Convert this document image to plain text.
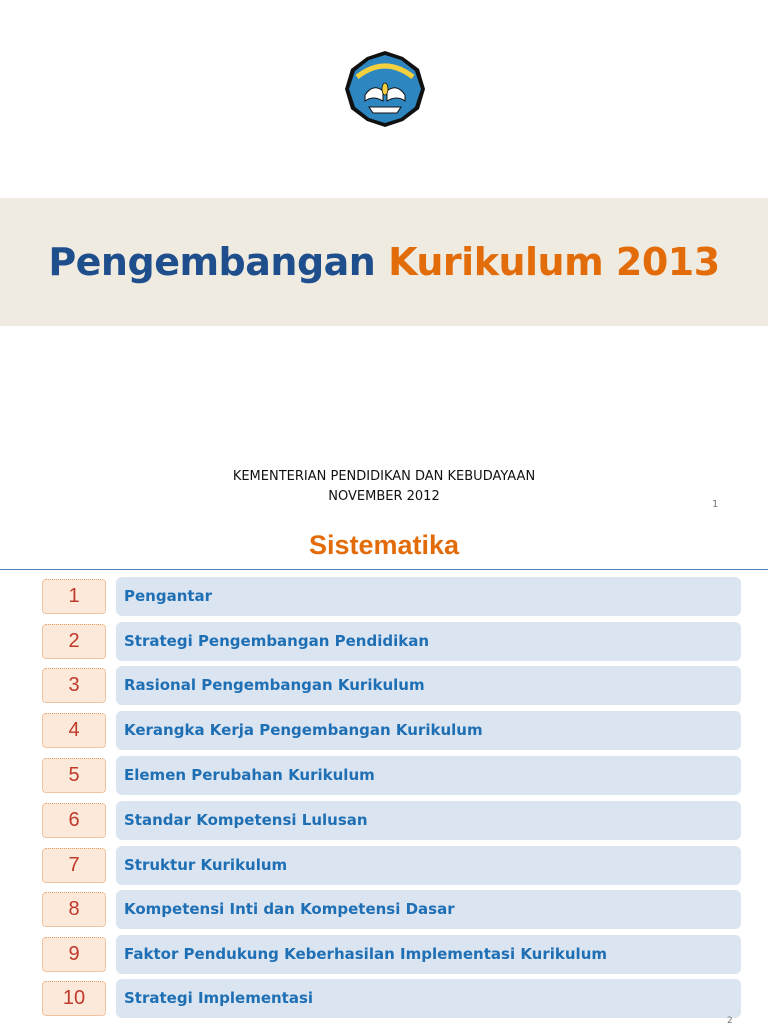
Pengembangan Kurikulum 2013
KEMENTERIAN PENDIDIKAN DAN KEBUDAYAAN
NOVEMBER 2012
1
Sistematika
1	Pengantar
2	Strategi Pengembangan Pendidikan
3	Rasional Pengembangan Kurikulum
4	Kerangka Kerja Pengembangan Kurikulum
5	Elemen Perubahan Kurikulum
6	Standar Kompetensi Lulusan
7	Struktur Kurikulum
8	Kompetensi Inti dan Kompetensi Dasar
9	Faktor Pendukung Keberhasilan Implementasi Kurikulum
10	Strategi Implementasi
2
